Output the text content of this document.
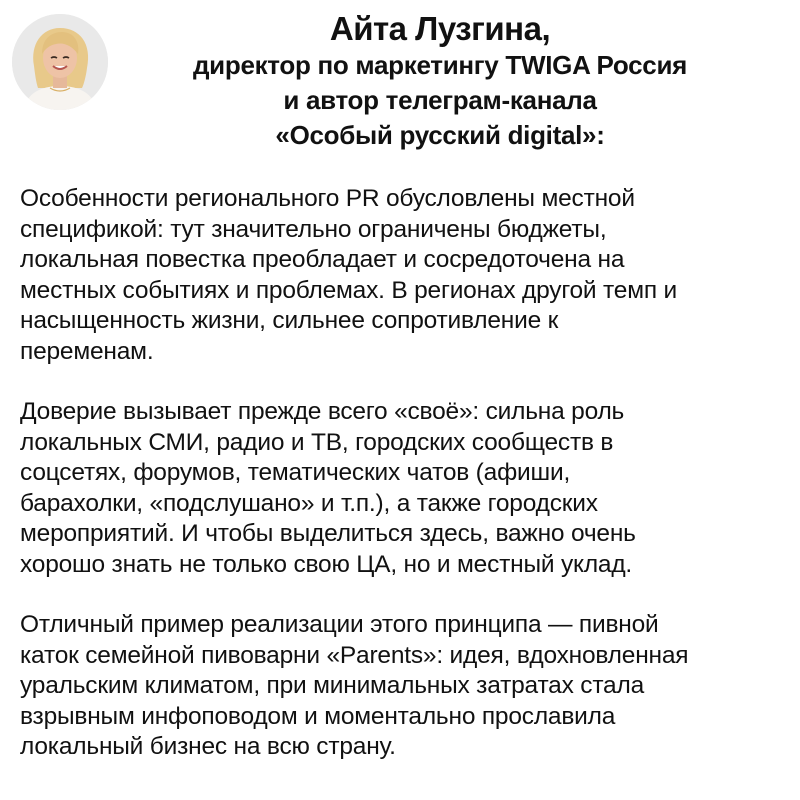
Айта Лузгина,
директор по маркетингу TWIGA Россия
и автор телеграм-канала
«Особый русский digital»:

Особенности регионального PR обусловлены местной
спецификой: тут значительно ограничены бюджеты,
локальная повестка преобладает и сосредоточена на
местных событиях и проблемах. В регионах другой темп и
насыщенность жизни, сильнее сопротивление к
переменам.

Доверие вызывает прежде всего «своё»: сильна роль
локальных СМИ, радио и ТВ, городских сообществ в
соцсетях, форумов, тематических чатов (афиши,
барахолки, «подслушано» и т.п.), а также городских
мероприятий. И чтобы выделиться здесь, важно очень
хорошо знать не только свою ЦА, но и местный уклад.

Отличный пример реализации этого принципа — пивной
каток семейной пивоварни «Parents»: идея, вдохновленная
уральским климатом, при минимальных затратах стала
взрывным инфоповодом и моментально прославила
локальный бизнес на всю страну.
